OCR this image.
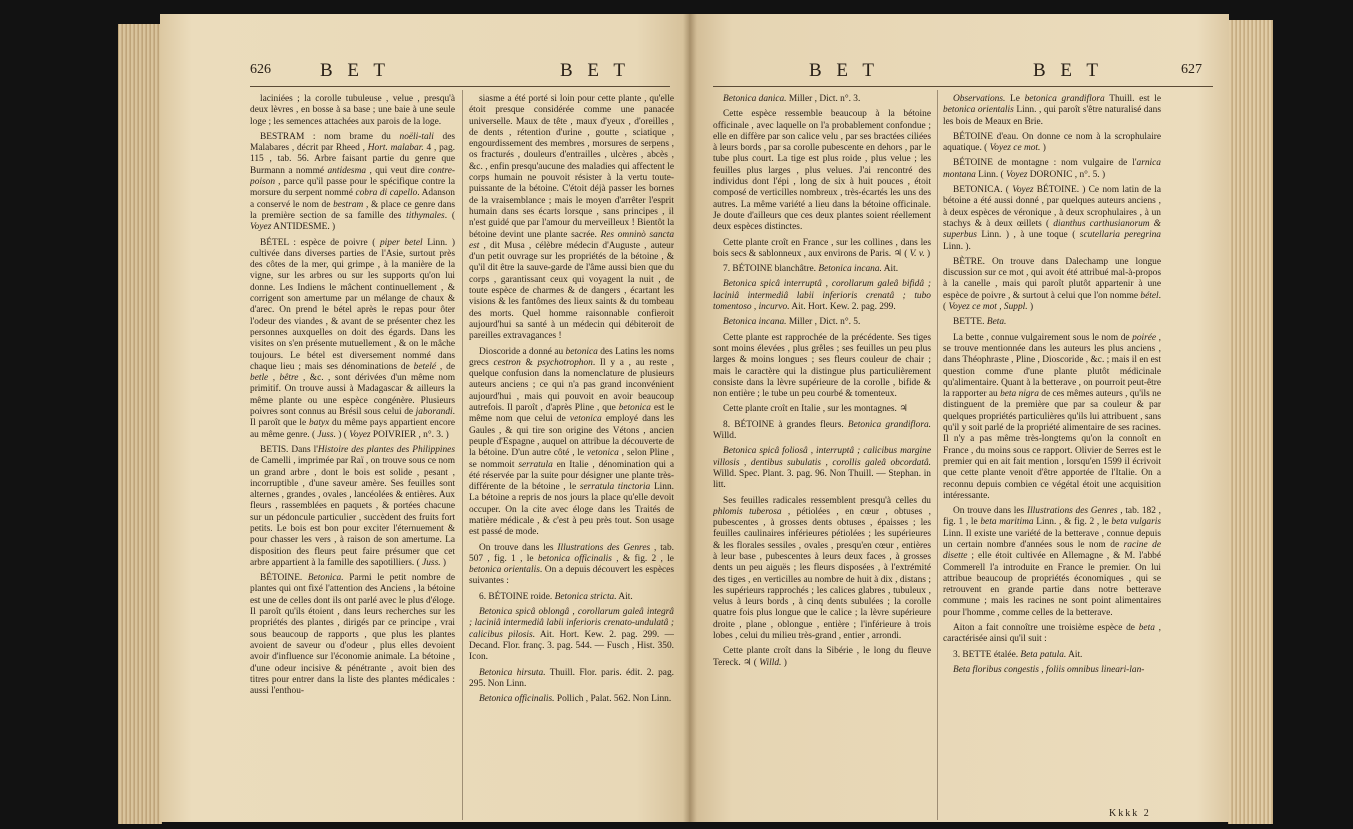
626	B E T	B E T

laciniées ; la corolle tubuleuse , velue , presqu'à deux lèvres , en bosse à sa base ; une baie à une seule loge ; les semences attachées aux parois de la loge.

BESTRAM : nom brame du noëli-tali des Malabares , décrit par Rheed , Hort. malabar. 4 , pag. 115 , tab. 56. Arbre faisant partie du genre que Burmann a nommé antidesma , qui veut dire contre-poison , parce qu'il passe pour le spécifique contre la morsure du serpent nommé cobra di capello. Adanson a conservé le nom de bestram , & place ce genre dans la première section de sa famille des tithymales. ( Voyez ANTIDESME. )

BÉTEL : espèce de poivre ( piper betel Linn. ) cultivée dans diverses parties de l'Asie, surtout près des côtes de la mer, qui grimpe , à la manière de la vigne, sur les arbres ou sur les supports qu'on lui donne. Les Indiens le mâchent continuellement , & corrigent son amertume par un mélange de chaux & d'arec. On prend le bétel après le repas pour ôter l'odeur des viandes , & avant de se présenter chez les personnes auxquelles on doit des égards. Dans les visites on s'en présente mutuellement , & on le mâche toujours. Le bétel est diversement nommé dans chaque lieu ; mais ses dénominations de betelé , de betle , bêtre , &c. , sont dérivées d'un même nom primitif. On trouve aussi à Madagascar & ailleurs la même plante ou une espèce congénère. Plusieurs poivres sont connus au Brésil sous celui de jaborandi. Il paroît que le batyx du même pays appartient encore au même genre. ( Juss. ) ( Voyez POIVRIER , n°. 3. )

BETIS. Dans l'Histoire des plantes des Philippines de Camelli , imprimée par Raï , on trouve sous ce nom un grand arbre , dont le bois est solide , pesant , incorruptible , d'une saveur amère. Ses feuilles sont alternes , grandes , ovales , lancéolées & entières. Aux fleurs , rassemblées en paquets , & portées chacune sur un pédoncule particulier , succèdent des fruits fort petits. Le bois est bon pour exciter l'éternuement & pour chasser les vers , à raison de son amertume. La disposition des fleurs peut faire présumer que cet arbre appartient à la famille des sapotilliers. ( Juss. )

BÉTOINE. Betonica. Parmi le petit nombre de plantes qui ont fixé l'attention des Anciens , la bétoine est une de celles dont ils ont parlé avec le plus d'éloge. Il paroît qu'ils étoient , dans leurs recherches sur les propriétés des plantes , dirigés par ce principe , vrai sous beaucoup de rapports , que plus les plantes avoient de saveur ou d'odeur , plus elles devoient avoir d'influence sur l'économie animale. La bétoine , d'une odeur incisive & pénétrante , avoit bien des titres pour entrer dans la liste des plantes médicales : aussi l'enthou-

siasme a été porté si loin pour cette plante , qu'elle étoit presque considérée comme une panacée universelle. Maux de tête , maux d'yeux , d'oreilles , de dents , rétention d'urine , goutte , sciatique , engourdissement des membres , morsures de serpens , os fracturés , douleurs d'entrailles , ulcères , abcès , &c. , enfin presqu'aucune des maladies qui affectent le corps humain ne pouvoit résister à la vertu toute-puissante de la bétoine. C'étoit déjà passer les bornes de la vraisemblance ; mais le moyen d'arrêter l'esprit humain dans ses écarts lorsque , sans principes , il n'est guidé que par l'amour du merveilleux ! Bientôt la bétoine devint une plante sacrée. Res omninò sancta est , dit Musa , célèbre médecin d'Auguste , auteur d'un petit ouvrage sur les propriétés de la bétoine , & qu'il dit être la sauve-garde de l'âme aussi bien que du corps , garantissant ceux qui voyagent la nuit , de toute espèce de charmes & de dangers , écartant les visions & les fantômes des lieux saints & du tombeau des morts. Quel homme raisonnable confieroit aujourd'hui sa santé à un médecin qui débiteroit de pareilles extravagances !

Dioscoride a donné au betonica des Latins les noms grecs cestron & psychotrophon. Il y a , au reste , quelque confusion dans la nomenclature de plusieurs auteurs anciens ; ce qui n'a pas grand inconvénient aujourd'hui , mais qui pouvoit en avoir beaucoup autrefois. Il paroît , d'après Pline , que betonica est le même nom que celui de vetonica employé dans les Gaules , & qui tire son origine des Vétons , ancien peuple d'Espagne , auquel on attribue la découverte de la bétoine. D'un autre côté , le vetonica , selon Pline , se nommoit serratula en Italie , dénomination qui a été réservée par la suite pour désigner une plante très-différente de la bétoine , le serratula tinctoria Linn. La bétoine a repris de nos jours la place qu'elle devoit occuper. On la cite avec éloge dans les Traités de matière médicale , & c'est à peu près tout. Son usage est passé de mode.

On trouve dans les Illustrations des Genres , tab. 507 , fig. 1 , le betonica officinalis , & fig. 2 , le betonica orientalis. On a depuis découvert les espèces suivantes :

6. BÉTOINE roide. Betonica stricta. Ait.

Betonica spicâ oblongâ , corollarum galeâ integrâ ; laciniâ intermediâ labii inferioris crenato-undulatâ ; calicibus pilosis. Ait. Hort. Kew. 2. pag. 299. — Decand. Flor. franç. 3. pag. 544. — Fusch , Hist. 350. Icon.

Betonica hirsuta. Thuill. Flor. paris. édit. 2. pag. 295. Non Linn.

Betonica officinalis. Pollich , Palat. 562. Non Linn.

B E T	B E T	627

Betonica danica. Miller , Dict. n°. 3.

Cette espèce ressemble beaucoup à la bétoine officinale , avec laquelle on l'a probablement confondue ; elle en diffère par son calice velu , par ses bractées ciliées à leurs bords , par sa corolle pubescente en dehors , par le tube plus court. La tige est plus roide , plus velue ; les feuilles plus larges , plus velues. J'ai rencontré des individus dont l'épi , long de six à huit pouces , étoit composé de verticilles nombreux , très-écartés les uns des autres. La même variété a lieu dans la bétoine officinale. Je doute d'ailleurs que ces deux plantes soient réellement deux espèces distinctes.

Cette plante croît en France , sur les collines , dans les bois secs & sablonneux , aux environs de Paris. ♃ ( V. v. )

7. BÉTOINE blanchâtre. Betonica incana. Ait.

Betonica spicâ interruptâ , corollarum galeâ bifidâ ; laciniâ intermediâ labii inferioris crenatâ ; tubo tomentoso , incurvo. Ait. Hort. Kew. 2. pag. 299.

Betonica incana. Miller , Dict. n°. 5.

Cette plante est rapprochée de la précédente. Ses tiges sont moins élevées , plus grêles ; ses feuilles un peu plus larges & moins longues ; ses fleurs couleur de chair ; mais le caractère qui la distingue plus particulièrement consiste dans la lèvre supérieure de la corolle , bifide & non entière ; le tube un peu courbé & tomenteux.

Cette plante croît en Italie , sur les montagnes. ♃

8. BÉTOINE à grandes fleurs. Betonica grandiflora. Willd.

Betonica spicâ foliosâ , interruptâ ; calicibus margine villosis , dentibus subulatis , corollis galeâ obcordatâ. Willd. Spec. Plant. 3. pag. 96. Non Thuill. — Stephan. in litt.

Ses feuilles radicales ressemblent presqu'à celles du phlomis tuberosa , pétiolées , en cœur , obtuses , pubescentes , à grosses dents obtuses , épaisses ; les feuilles caulinaires inférieures pétiolées ; les supérieures & les florales sessiles , ovales , presqu'en cœur , entières à leur base , pubescentes à leurs deux faces , à grosses dents un peu aiguës ; les fleurs disposées , à l'extrémité des tiges , en verticilles au nombre de huit à dix , distans ; les supérieurs rapprochés ; les calices glabres , tubuleux , velus à leurs bords , à cinq dents subulées ; la corolle quatre fois plus longue que le calice ; la lèvre supérieure droite , plane , oblongue , entière ; l'inférieure à trois lobes , celui du milieu très-grand , entier , arrondi.

Cette plante croît dans la Sibérie , le long du fleuve Tereck. ♃ ( Willd. )

Observations. Le betonica grandiflora Thuill. est le betonica orientalis Linn. , qui paroît s'être naturalisé dans les bois de Meaux en Brie.

BÉTOINE d'eau. On donne ce nom à la scrophulaire aquatique. ( Voyez ce mot. )

BÉTOINE de montagne : nom vulgaire de l'arnica montana Linn. ( Voyez DORONIC , n°. 5. )

BETONICA. ( Voyez BÉTOINE. ) Ce nom latin de la bétoine a été aussi donné , par quelques auteurs anciens , à deux espèces de véronique , à deux scrophulaires , à un stachys & à deux œillets ( dianthus carthusianorum & superbus Linn. ) , à une toque ( scutellaria peregrina Linn. ).

BÈTRE. On trouve dans Dalechamp une longue discussion sur ce mot , qui avoit été attribué mal-à-propos à la canelle , mais qui paroît plutôt appartenir à une espèce de poivre , & surtout à celui que l'on nomme bétel. ( Voyez ce mot , Suppl. )

BETTE. Beta.

La bette , connue vulgairement sous le nom de poirée , se trouve mentionnée dans les auteurs les plus anciens , dans Théophraste , Pline , Dioscoride , &c. ; mais il en est question comme d'une plante plutôt médicinale qu'alimentaire. Quant à la betterave , on pourroit peut-être la rapporter au beta nigra de ces mêmes auteurs , qu'ils ne distinguent de la première que par sa couleur & par quelques propriétés particulières qu'ils lui attribuent , sans qu'il y soit parlé de la propriété alimentaire de ses racines. Il n'y a pas même très-longtems qu'on la connoît en France , du moins sous ce rapport. Olivier de Serres est le premier qui en ait fait mention , lorsqu'en 1599 il écrivoit que cette plante venoit d'être apportée de l'Italie. On a reconnu depuis combien ce végétal étoit une acquisition intéressante.

On trouve dans les Illustrations des Genres , tab. 182 , fig. 1 , le beta maritima Linn. , & fig. 2 , le beta vulgaris Linn. Il existe une variété de la betterave , connue depuis un certain nombre d'années sous le nom de racine de disette ; elle étoit cultivée en Allemagne , & M. l'abbé Commerell l'a introduite en France le premier. On lui attribue beaucoup de propriétés économiques , qui se retrouvent en grande partie dans notre betterave commune ; mais les racines ne sont point alimentaires pour l'homme , comme celles de la betterave.

Aiton a fait connoître une troisième espèce de beta , caractérisée ainsi qu'il suit :

3. BETTE étalée. Beta patula. Ait.

Beta floribus congestis , foliis omnibus lineari-lan-

Kkkk 2
